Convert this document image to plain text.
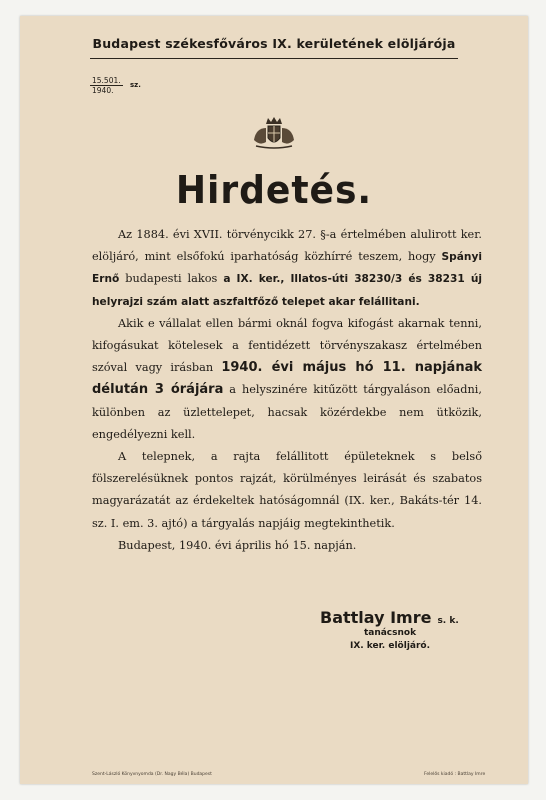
Budapest székesfőváros IX. kerületének elöljárója
15.501.
1940.
sz.
Hirdetés.

Az 1884. évi XVII. törvénycikk 27. §-a értelmében alulirott ker. elöljáró, mint elsőfokú iparhatóság közhírré teszem, hogy Spányi Ernő budapesti lakos a IX. ker., Illatos-úti 38230/3 és 38231 új helyrajzi szám alatt aszfaltfőző telepet akar felállitani.

Akik e vállalat ellen bármi oknál fogva kifogást akarnak tenni, kifogásukat kötelesek a fentidézett törvényszakasz értelmében szóval vagy irásban 1940. évi május hó 11. napjának délután 3 órájára a helyszinére kitűzött tárgyaláson előadni, különben az üzlettelepet, hacsak közérdekbe nem ütközik, engedélyezni kell.

A telepnek, a rajta felállitott épületeknek s belső fölszerelésüknek pontos rajzát, körülményes leirását és szabatos magyarázatát az érdekeltek hatóságomnál (IX. ker., Bakáts-tér 14. sz. I. em. 3. ajtó) a tárgyalás napjáig megtekinthetik.

Budapest, 1940. évi április hó 15. napján.

Battlay Imre s. k.
tanácsnok
IX. ker. elöljáró.
Szent-László Könyvnyomda (Dr. Nagy Béla) Budapest	Felelős kiadó : Battlay Imre
